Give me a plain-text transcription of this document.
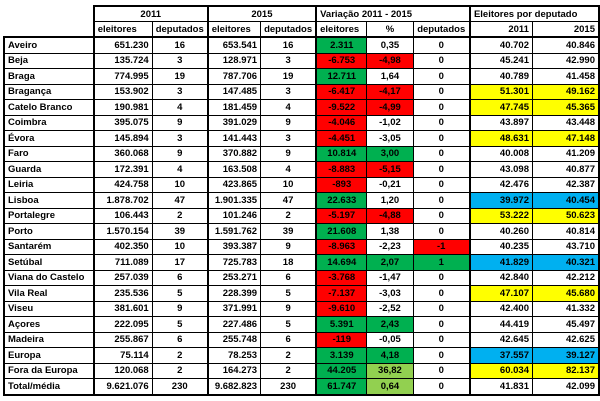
	2011		2015		Variação 2011 - 2015			Eleitores por deputado	
	eleitores	deputados	eleitores	deputados	eleitores	%	deputados	2011	2015
Aveiro	651.230	16	653.541	16	2.311	0,35	0	40.702	40.846
Beja	135.724	3	128.971	3	-6.753	-4,98	0	45.241	42.990
Braga	774.995	19	787.706	19	12.711	1,64	0	40.789	41.458
Bragança	153.902	3	147.485	3	-6.417	-4,17	0	51.301	49.162
Catelo Branco	190.981	4	181.459	4	-9.522	-4,99	0	47.745	45.365
Coimbra	395.075	9	391.029	9	-4.046	-1,02	0	43.897	43.448
Évora	145.894	3	141.443	3	-4.451	-3,05	0	48.631	47.148
Faro	360.068	9	370.882	9	10.814	3,00	0	40.008	41.209
Guarda	172.391	4	163.508	4	-8.883	-5,15	0	43.098	40.877
Leiria	424.758	10	423.865	10	-893	-0,21	0	42.476	42.387
Lisboa	1.878.702	47	1.901.335	47	22.633	1,20	0	39.972	40.454
Portalegre	106.443	2	101.246	2	-5.197	-4,88	0	53.222	50.623
Porto	1.570.154	39	1.591.762	39	21.608	1,38	0	40.260	40.814
Santarém	402.350	10	393.387	9	-8.963	-2,23	-1	40.235	43.710
Setúbal	711.089	17	725.783	18	14.694	2,07	1	41.829	40.321
Viana do Castelo	257.039	6	253.271	6	-3.768	-1,47	0	42.840	42.212
Vila Real	235.536	5	228.399	5	-7.137	-3,03	0	47.107	45.680
Viseu	381.601	9	371.991	9	-9.610	-2,52	0	42.400	41.332
Açores	222.095	5	227.486	5	5.391	2,43	0	44.419	45.497
Madeira	255.867	6	255.748	6	-119	-0,05	0	42.645	42.625
Europa	75.114	2	78.253	2	3.139	4,18	0	37.557	39.127
Fora da Europa	120.068	2	164.273	2	44.205	36,82	0	60.034	82.137
Total/média	9.621.076	230	9.682.823	230	61.747	0,64	0	41.831	42.099
